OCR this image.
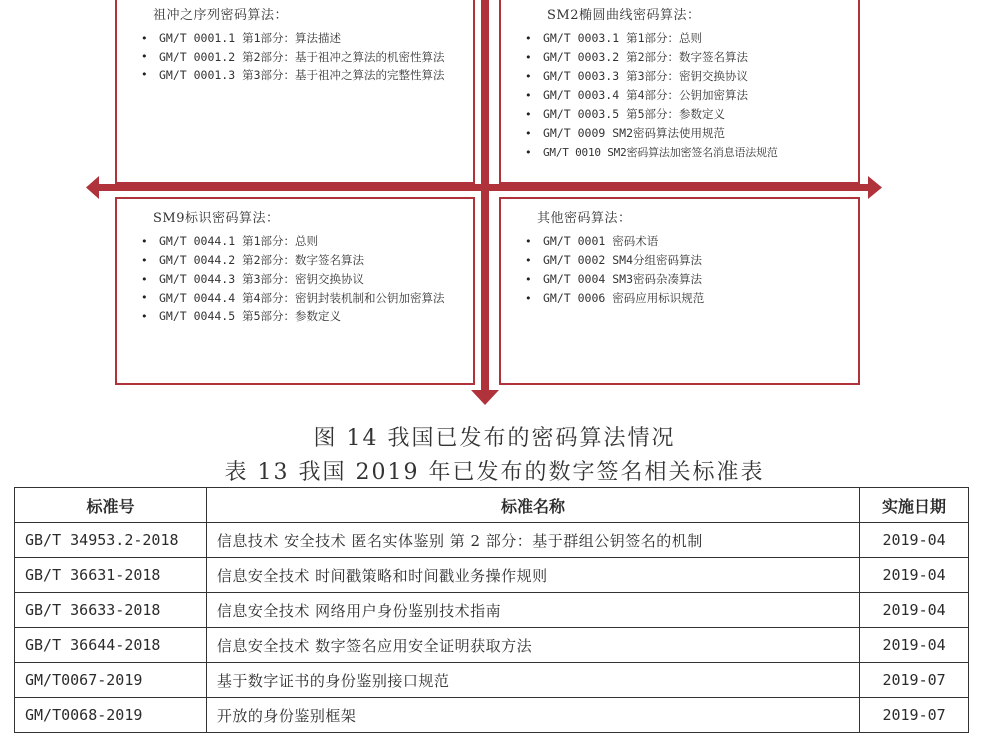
祖冲之序列密码算法：
• GM/T 0001.1 第1部分：算法描述
• GM/T 0001.2 第2部分：基于祖冲之算法的机密性算法
• GM/T 0001.3 第3部分：基于祖冲之算法的完整性算法
SM2椭圆曲线密码算法：
• GM/T 0003.1 第1部分：总则
• GM/T 0003.2 第2部分：数字签名算法
• GM/T 0003.3 第3部分：密钥交换协议
• GM/T 0003.4 第4部分：公钥加密算法
• GM/T 0003.5 第5部分：参数定义
• GM/T 0009 SM2密码算法使用规范
• GM/T 0010 SM2密码算法加密签名消息语法规范
SM9标识密码算法：
• GM/T 0044.1 第1部分：总则
• GM/T 0044.2 第2部分：数字签名算法
• GM/T 0044.3 第3部分：密钥交换协议
• GM/T 0044.4 第4部分：密钥封装机制和公钥加密算法
• GM/T 0044.5 第5部分：参数定义
其他密码算法：
• GM/T 0001 密码术语
• GM/T 0002 SM4分组密码算法
• GM/T 0004 SM3密码杂凑算法
• GM/T 0006 密码应用标识规范
图 14 我国已发布的密码算法情况
表 13 我国 2019 年已发布的数字签名相关标准表
标准号	标准名称	实施日期
GB/T 34953.2-2018	信息技术 安全技术 匿名实体鉴别 第 2 部分：基于群组公钥签名的机制	2019-04
GB/T 36631-2018	信息安全技术 时间戳策略和时间戳业务操作规则	2019-04
GB/T 36633-2018	信息安全技术 网络用户身份鉴别技术指南	2019-04
GB/T 36644-2018	信息安全技术 数字签名应用安全证明获取方法	2019-04
GM/T0067-2019	基于数字证书的身份鉴别接口规范	2019-07
GM/T0068-2019	开放的身份鉴别框架	2019-07
